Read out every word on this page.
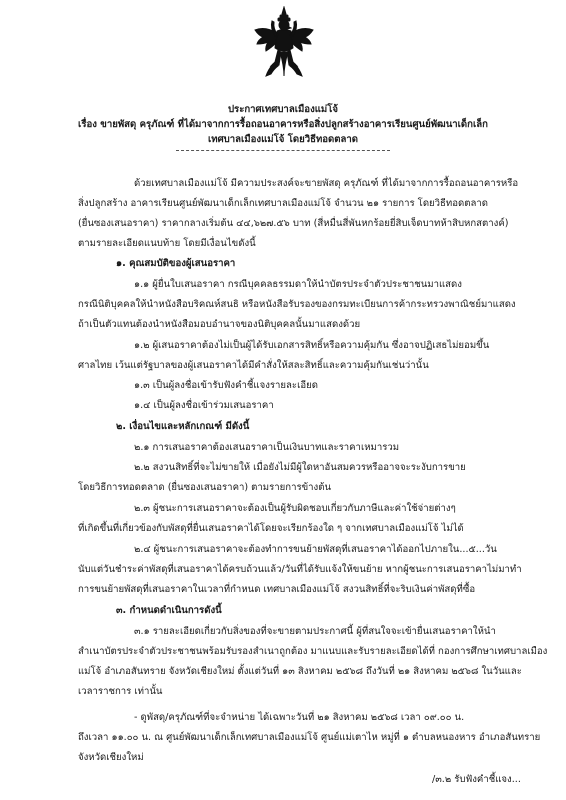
ประกาศเทศบาลเมืองแม่โจ้
เรื่อง ขายพัสดุ ครุภัณฑ์ ที่ได้มาจากการรื้อถอนอาคารหรือสิ่งปลูกสร้างอาคารเรียนศูนย์พัฒนาเด็กเล็ก
เทศบาลเมืองแม่โจ้ โดยวิธีทอดตลาด
ด้วยเทศบาลเมืองแม่โจ้ มีความประสงค์จะขายพัสดุ ครุภัณฑ์ ที่ได้มาจากการรื้อถอนอาคารหรือ
สิ่งปลูกสร้าง อาคารเรียนศูนย์พัฒนาเด็กเล็กเทศบาลเมืองแม่โจ้ จำนวน ๒๑ รายการ โดยวิธีทอดตลาด
(ยื่นซองเสนอราคา) ราคากลางเริ่มต้น ๔๔,๖๒๗.๕๖ บาท (สี่หมื่นสี่พันหกร้อยยี่สิบเจ็ดบาทห้าสิบหกสตางค์)
ตามรายละเอียดแนบท้าย โดยมีเงื่อนไขดังนี้
๑. คุณสมบัติของผู้เสนอราคา
๑.๑ ผู้ยื่นใบเสนอราคา กรณีบุคคลธรรมดาให้นำบัตรประจำตัวประชาชนมาแสดง
กรณีนิติบุคคลให้นำหนังสือบริคณห์สนธิ หรือหนังสือรับรองของกรมทะเบียนการค้ากระทรวงพาณิชย์มาแสดง
ถ้าเป็นตัวแทนต้องนำหนังสือมอบอำนาจของนิติบุคคลนั้นมาแสดงด้วย
๑.๒ ผู้เสนอราคาต้องไม่เป็นผู้ได้รับเอกสารสิทธิ์หรือความคุ้มกัน ซึ่งอาจปฏิเสธไม่ยอมขึ้น
ศาลไทย เว้นแต่รัฐบาลของผู้เสนอราคาได้มีคำสั่งให้สละสิทธิ์และความคุ้มกันเช่นว่านั้น
๑.๓ เป็นผู้ลงชื่อเข้ารับฟังคำชี้แจงรายละเอียด
๑.๔ เป็นผู้ลงชื่อเข้าร่วมเสนอราคา
๒. เงื่อนไขและหลักเกณฑ์ มีดังนี้
๒.๑ การเสนอราคาต้องเสนอราคาเป็นเงินบาทและราคาเหมารวม
๒.๒ สงวนสิทธิ์ที่จะไม่ขายให้ เมื่อยังไม่มีผู้ใดหาอันสมควรหรืออาจจะระงับการขาย
โดยวิธีการทอดตลาด (ยื่นซองเสนอราคา) ตามรายการข้างต้น
๒.๓ ผู้ชนะการเสนอราคาจะต้องเป็นผู้รับผิดชอบเกี่ยวกับภาษีและค่าใช้จ่ายต่างๆ
ที่เกิดขึ้นที่เกี่ยวข้องกับพัสดุที่ยื่นเสนอราคาได้โดยจะเรียกร้องใด ๆ จากเทศบาลเมืองแม่โจ้ ไม่ได้
๒.๔ ผู้ชนะการเสนอราคาจะต้องทำการขนย้ายพัสดุที่เสนอราคาได้ออกไปภายใน...๕...วัน
นับแต่วันชำระค่าพัสดุที่เสนอราคาได้ครบถ้วนแล้ว/วันที่ได้รับแจ้งให้ขนย้าย หากผู้ชนะการเสนอราคาไม่มาทำ
การขนย้ายพัสดุที่เสนอราคาในเวลาที่กำหนด เทศบาลเมืองแม่โจ้ สงวนสิทธิ์ที่จะริบเงินค่าพัสดุที่ซื้อ
๓. กำหนดดำเนินการดังนี้
๓.๑ รายละเอียดเกี่ยวกับสิ่งของที่จะขายตามประกาศนี้ ผู้ที่สนใจจะเข้ายื่นเสนอราคาให้นำ
สำเนาบัตรประจำตัวประชาชนพร้อมรับรองสำเนาถูกต้อง มาแนบและรับรายละเอียดได้ที่ กองการศึกษาเทศบาลเมือง
แม่โจ้ อำเภอสันทราย จังหวัดเชียงใหม่ ตั้งแต่วันที่ ๑๓ สิงหาคม ๒๕๖๘ ถึงวันที่ ๒๑ สิงหาคม ๒๕๖๘ ในวันและ
เวลาราชการ เท่านั้น
- ดูพัสดุ/ครุภัณฑ์ที่จะจำหน่าย ได้เฉพาะวันที่ ๒๑ สิงหาคม ๒๕๖๘ เวลา ๐๙.๐๐ น.
ถึงเวลา ๑๑.๐๐ น. ณ ศูนย์พัฒนาเด็กเล็กเทศบาลเมืองแม่โจ้ ศูนย์แม่เตาไห หมู่ที่ ๑ ตำบลหนองหาร อำเภอสันทราย
จังหวัดเชียงใหม่
/๓.๒ รับฟังคำชี้แจง...
